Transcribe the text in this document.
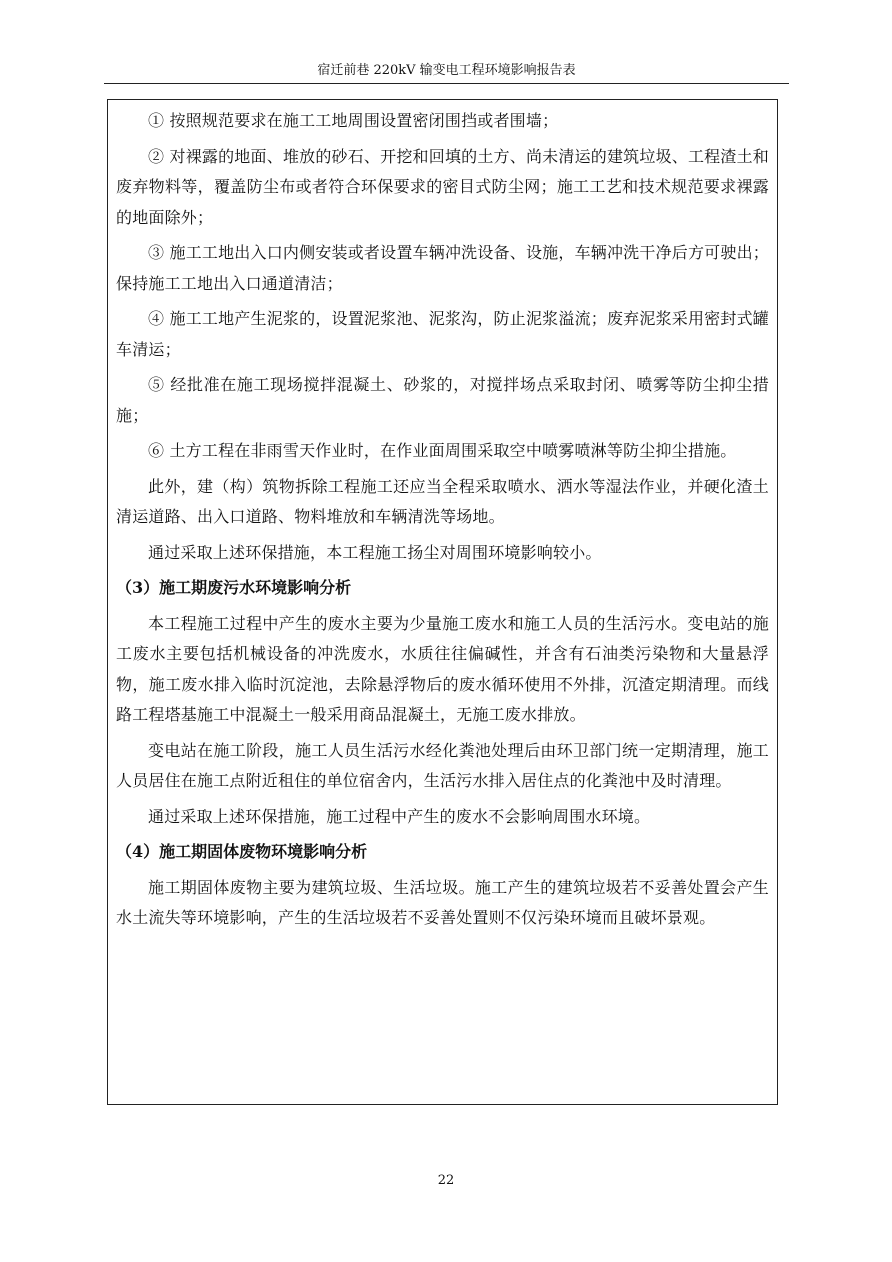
宿迁前巷 220kV 输变电工程环境影响报告表

① 按照规范要求在施工工地周围设置密闭围挡或者围墙；

② 对裸露的地面、堆放的砂石、开挖和回填的土方、尚未清运的建筑垃圾、工程渣土和废弃物料等，覆盖防尘布或者符合环保要求的密目式防尘网；施工工艺和技术规范要求裸露的地面除外；

③ 施工工地出入口内侧安装或者设置车辆冲洗设备、设施，车辆冲洗干净后方可驶出；保持施工工地出入口通道清洁；

④ 施工工地产生泥浆的，设置泥浆池、泥浆沟，防止泥浆溢流；废弃泥浆采用密封式罐车清运；

⑤ 经批准在施工现场搅拌混凝土、砂浆的，对搅拌场点采取封闭、喷雾等防尘抑尘措施；

⑥ 土方工程在非雨雪天作业时，在作业面周围采取空中喷雾喷淋等防尘抑尘措施。

此外，建（构）筑物拆除工程施工还应当全程采取喷水、洒水等湿法作业，并硬化渣土清运道路、出入口道路、物料堆放和车辆清洗等场地。

通过采取上述环保措施，本工程施工扬尘对周围环境影响较小。

（3）施工期废污水环境影响分析

本工程施工过程中产生的废水主要为少量施工废水和施工人员的生活污水。变电站的施工废水主要包括机械设备的冲洗废水，水质往往偏碱性，并含有石油类污染物和大量悬浮物，施工废水排入临时沉淀池，去除悬浮物后的废水循环使用不外排，沉渣定期清理。而线路工程塔基施工中混凝土一般采用商品混凝土，无施工废水排放。

变电站在施工阶段，施工人员生活污水经化粪池处理后由环卫部门统一定期清理，施工人员居住在施工点附近租住的单位宿舍内，生活污水排入居住点的化粪池中及时清理。

通过采取上述环保措施，施工过程中产生的废水不会影响周围水环境。

（4）施工期固体废物环境影响分析

施工期固体废物主要为建筑垃圾、生活垃圾。施工产生的建筑垃圾若不妥善处置会产生水土流失等环境影响，产生的生活垃圾若不妥善处置则不仅污染环境而且破坏景观。

22
